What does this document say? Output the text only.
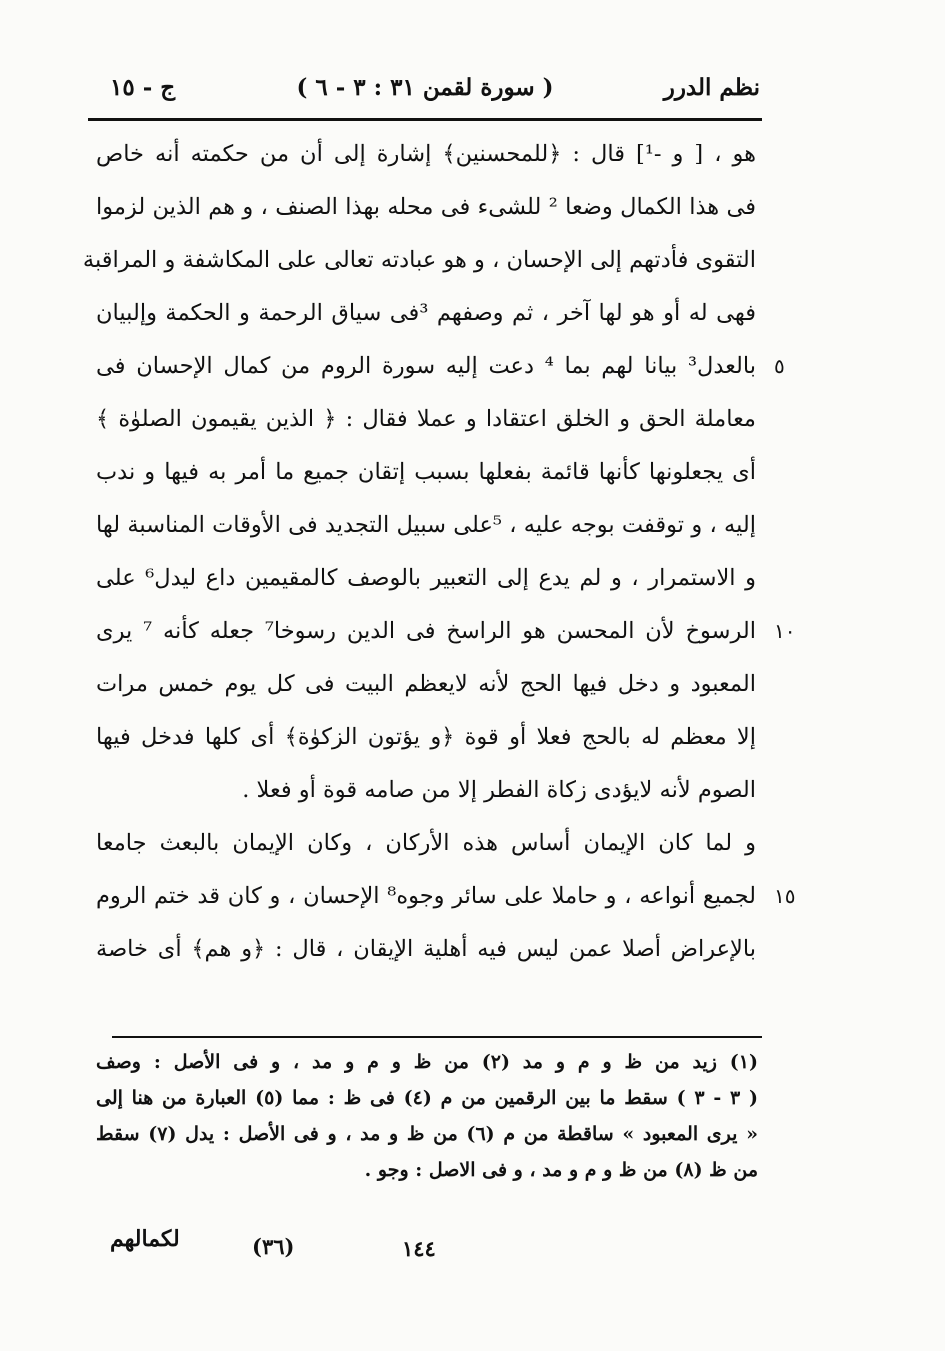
ج - ١٥	( سورة لقمن ٣١ : ٣ - ٦ )	نظم الدرر
هو ، [ و -¹] قال : ﴿للمحسنين﴾ إشارة إلى أن من حكمته أنه خاص
فى هذا الكمال وضعا ² للشىء فى محله بهذا الصنف ، و هم الذين لزموا
التقوى فأدتهم إلى الإحسان ، و هو عبادته تعالى على المكاشفة و المراقبة
فهى له أو هو لها آخر ، ثم وصفهم ³فى سياق الرحمة و الحكمة وإلبيان
بالعدل³ بيانا لهم بما ⁴ دعت إليه سورة الروم من كمال الإحسان فى ٥
معاملة الحق و الخلق اعتقادا و عملا فقال : ﴿ الذين يقيمون الصلوٰة ﴾
أى يجعلونها كأنها قائمة بفعلها بسبب إتقان جميع ما أمر به فيها و ندب
إليه ، و توقفت بوجه عليه ، ⁵على سبيل التجديد فى الأوقات المناسبة لها
و الاستمرار ، و لم يدع إلى التعبير بالوصف كالمقيمين داع ليدل⁶ على
الرسوخ لأن المحسن هو الراسخ فى الدين رسوخا⁷ جعله كأنه ⁷ يرى ١٠
المعبود و دخل فيها الحج لأنه لايعظم البيت فى كل يوم خمس مرات
إلا معظم له بالحج فعلا أو قوة ﴿و يؤتون الزكوٰة﴾ أى كلها فدخل فيها
الصوم لأنه لايؤدى زكاة الفطر إلا من صامه قوة أو فعلا .
و لما كان الإيمان أساس هذه الأركان ، وكان الإيمان بالبعث جامعا
لجميع أنواعه ، و حاملا على سائر وجوه⁸ الإحسان ، و كان قد ختم الروم ١٥
بالإعراض أصلا عمن ليس فيه أهلية الإيقان ، قال : ﴿و هم﴾ أى خاصة
(١) زيد من ظ و م و مد (٢) من ظ و م و مد ، و فى الأصل : وصف
( ٣ - ٣ ) سقط ما بين الرقمين من م (٤) فى ظ : مما (٥) العبارة من هنا إلى
« يرى المعبود » ساقطة من م (٦) من ظ و مد ، و فى الأصل : يدل (٧) سقط
من ظ (٨) من ظ و م و مد ، و فى الاصل : وجو .
لكمالهم	(٣٦)	١٤٤
